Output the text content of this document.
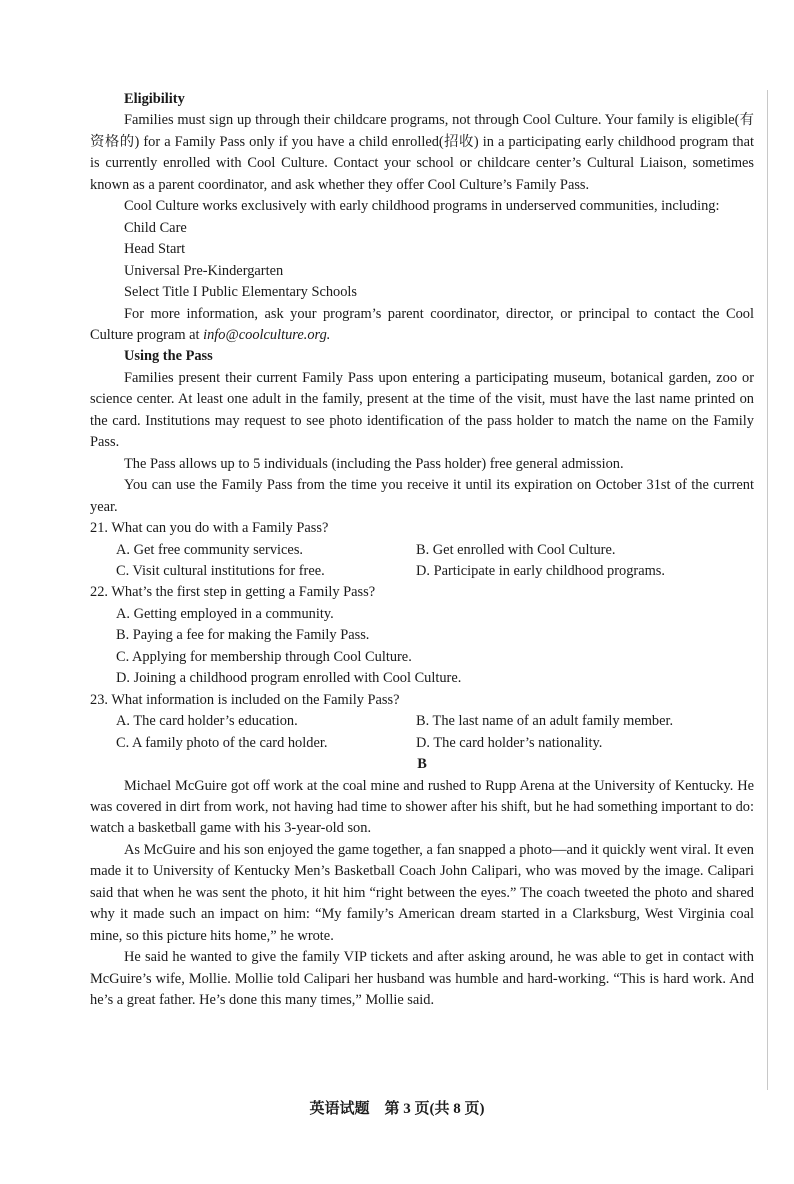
Eligibility

Families must sign up through their childcare programs, not through Cool Culture. Your family is eligible(有资格的) for a Family Pass only if you have a child enrolled(招收) in a participating early childhood program that is currently enrolled with Cool Culture. Contact your school or childcare center’s Cultural Liaison, sometimes known as a parent coordinator, and ask whether they offer Cool Culture’s Family Pass.

Cool Culture works exclusively with early childhood programs in underserved communities, including:

Child Care
Head Start
Universal Pre-Kindergarten
Select Title I Public Elementary Schools

For more information, ask your program’s parent coordinator, director, or principal to contact the Cool Culture program at info@coolculture.org.

Using the Pass

Families present their current Family Pass upon entering a participating museum, botanical garden, zoo or science center. At least one adult in the family, present at the time of the visit, must have the last name printed on the card. Institutions may request to see photo identification of the pass holder to match the name on the Family Pass.

The Pass allows up to 5 individuals (including the Pass holder) free general admission.

You can use the Family Pass from the time you receive it until its expiration on October 31st of the current year.

21. What can you do with a Family Pass?

A. Get free community services.	B. Get enrolled with Cool Culture.
C. Visit cultural institutions for free.	D. Participate in early childhood programs.

22. What’s the first step in getting a Family Pass?

A. Getting employed in a community.
B. Paying a fee for making the Family Pass.
C. Applying for membership through Cool Culture.
D. Joining a childhood program enrolled with Cool Culture.

23. What information is included on the Family Pass?

A. The card holder’s education.	B. The last name of an adult family member.
C. A family photo of the card holder.	D. The card holder’s nationality.

B

Michael McGuire got off work at the coal mine and rushed to Rupp Arena at the University of Kentucky. He was covered in dirt from work, not having had time to shower after his shift, but he had something important to do: watch a basketball game with his 3-year-old son.

As McGuire and his son enjoyed the game together, a fan snapped a photo—and it quickly went viral. It even made it to University of Kentucky Men’s Basketball Coach John Calipari, who was moved by the image. Calipari said that when he was sent the photo, it hit him “right between the eyes.” The coach tweeted the photo and shared why it made such an impact on him: “My family’s American dream started in a Clarksburg, West Virginia coal mine, so this picture hits home,” he wrote.

He said he wanted to give the family VIP tickets and after asking around, he was able to get in contact with McGuire’s wife, Mollie. Mollie told Calipari her husband was humble and hard-working. “This is hard work. And he’s a great father. He’s done this many times,” Mollie said.

英语试题　第 3 页(共 8 页)
